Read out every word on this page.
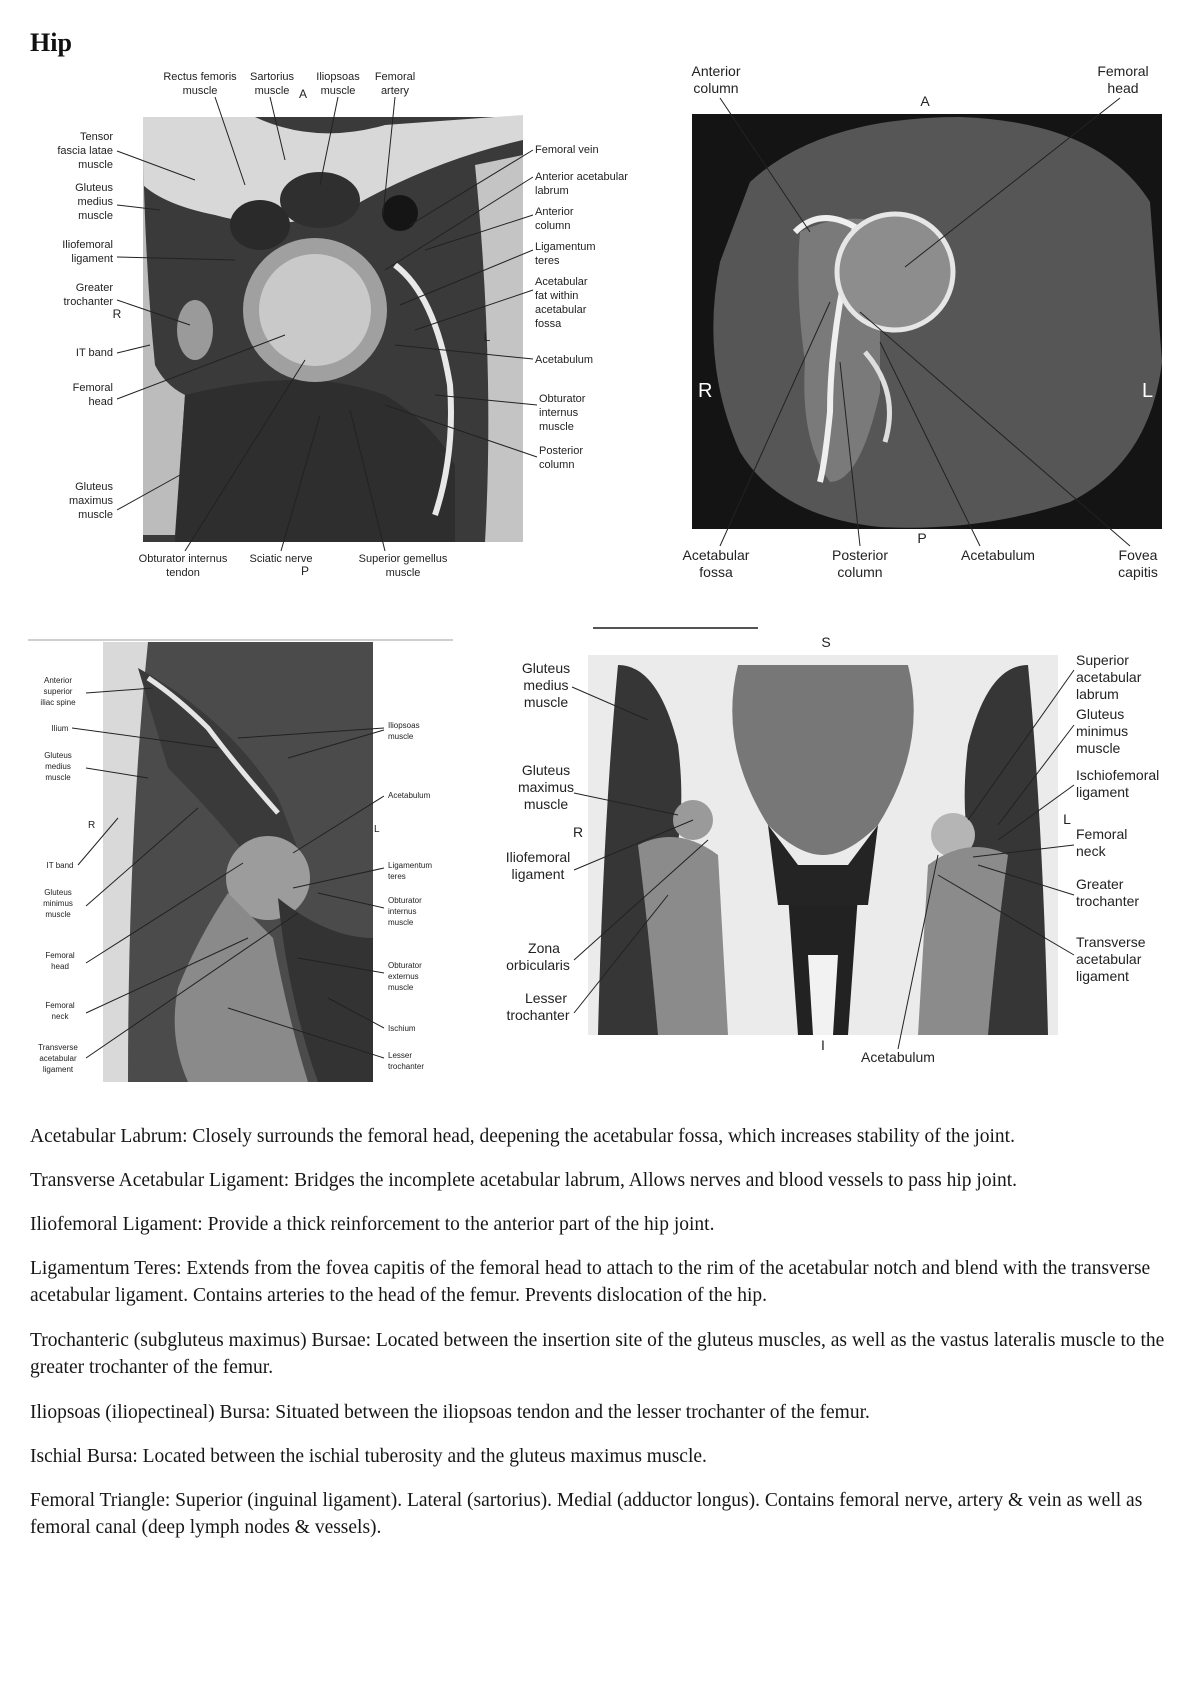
Hip
A
P
R
L
Rectus femoris muscle
Sartorius muscle
Iliopsoas muscle
Femoral artery
Tensor fascia latae muscle
Gluteus medius muscle
Iliofemoral ligament
Greater trochanter
IT band
Femoral head
Gluteus maximus muscle
Femoral vein
Anterior acetabular labrum
Anterior column
Ligamentum teres
Acetabular fat within acetabular fossa
Acetabulum
Obturator internus muscle
Posterior column
Obturator internus tendon
Sciatic nerve	Superior gemellus muscle
A
P
R	L
Anterior column
Femoral head
Acetabular fossa
Posterior column
Acetabulum	Fovea capitis
R	L
Anterior superior iliac spine
Ilium
Gluteus medius muscle
IT band
Gluteus minimus muscle
Femoral head
Femoral neck
Transverse acetabular ligament
Iliopsoas muscle
Acetabulum
Ligamentum teres
Obturator internus muscle
Obturator externus muscle
Ischium
Lesser trochanter
S
I
R
L
Gluteus medius muscle
Gluteus maximus muscle
Iliofemoral ligament
Zona orbicularis
Lesser trochanter
Superior acetabular labrum
Gluteus minimus muscle
Ischiofemoral ligament
Femoral neck
Greater trochanter
Transverse acetabular ligament
Acetabulum
Acetabular Labrum: Closely surrounds the femoral head, deepening the acetabular fossa, which increases stability of the joint.
Transverse Acetabular Ligament: Bridges the incomplete acetabular labrum, Allows nerves and blood vessels to pass hip joint.
Iliofemoral Ligament: Provide a thick reinforcement to the anterior part of the hip joint.
Ligamentum Teres: Extends from the fovea capitis of the femoral head to attach to the rim of the acetabular notch and blend with the transverse acetabular ligament. Contains arteries to the head of the femur. Prevents dislocation of the hip.
Trochanteric (subgluteus maximus) Bursae: Located between the insertion site of the gluteus muscles, as well as the vastus lateralis muscle to the greater trochanter of the femur.
Iliopsoas (iliopectineal) Bursa: Situated between the iliopsoas tendon and the lesser trochanter of the femur.
Ischial Bursa: Located between the ischial tuberosity and the gluteus maximus muscle.
Femoral Triangle: Superior (inguinal ligament). Lateral (sartorius). Medial (adductor longus). Contains femoral nerve, artery & vein as well as femoral canal (deep lymph nodes & vessels).
